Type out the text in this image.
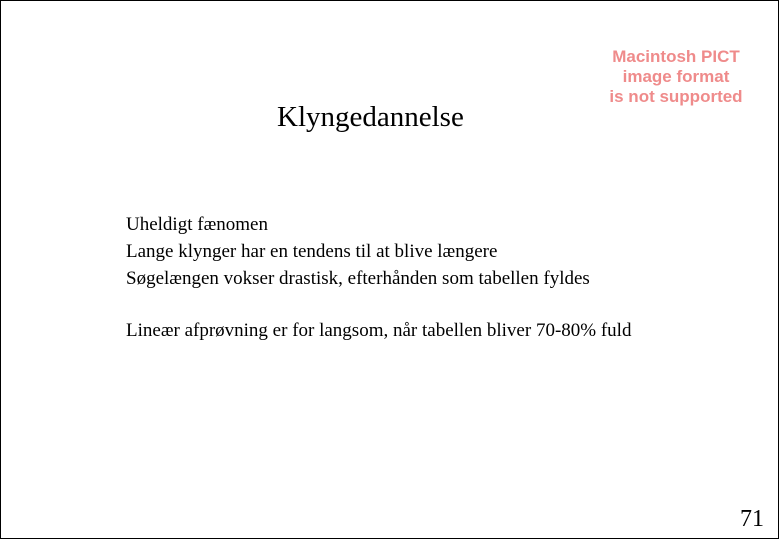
Klyngedannelse
Macintosh PICT
image format
is not supported
Uheldigt fænomen
Lange klynger har en tendens til at blive længere
Søgelængen vokser drastisk, efterhånden som tabellen fyldes
Lineær afprøvning er for langsom, når tabellen bliver 70-80% fuld
71
